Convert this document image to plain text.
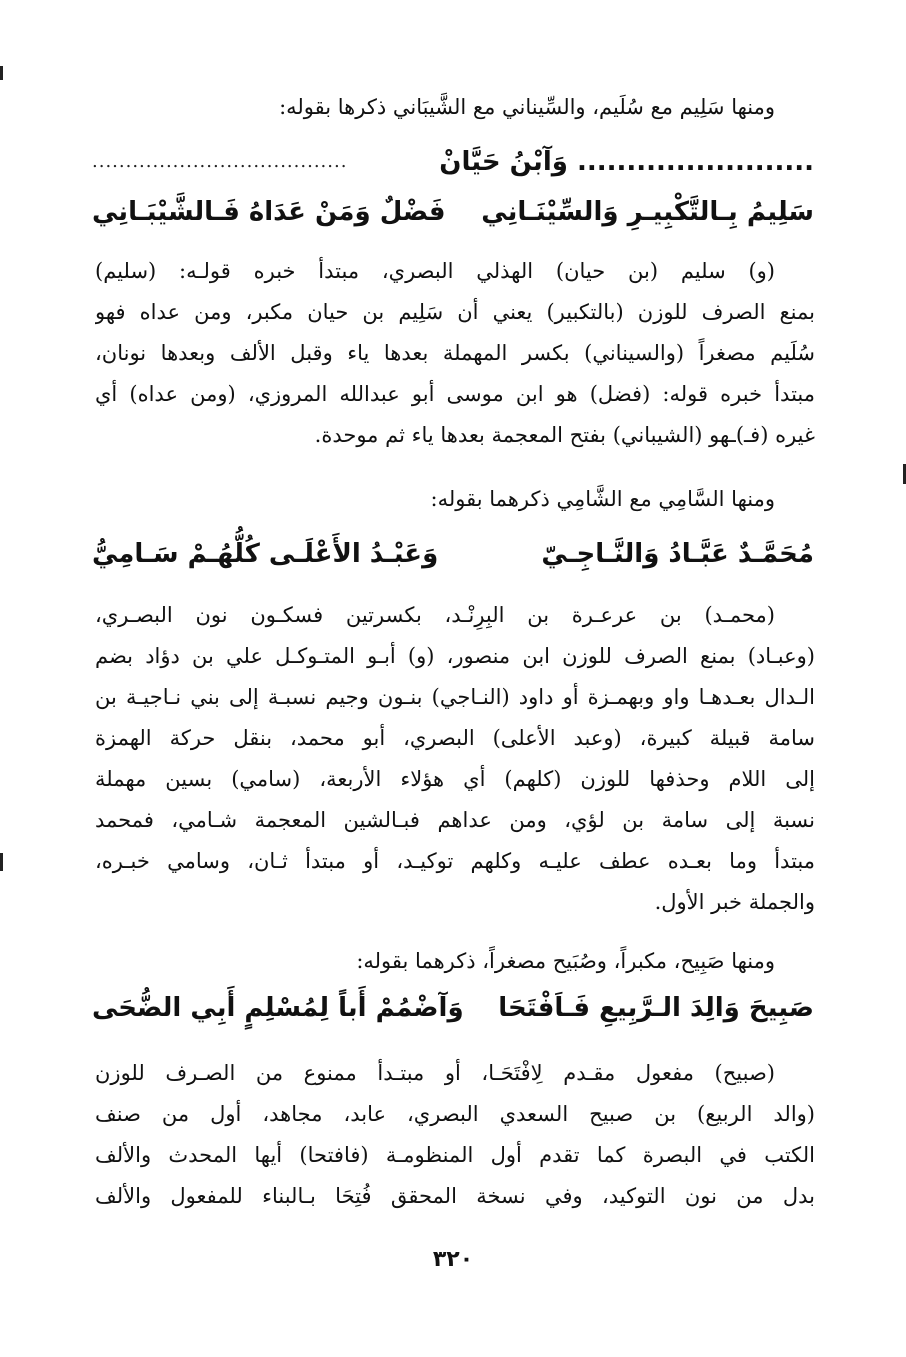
ومنها سَلِيم مع سُلَيم، والسِّيناني مع الشَّيبَاني ذكرها بقوله:
........................ وَآبْنُ حَيَّانْ
......................................
سَلِيمُ بِـالتَّكْبِيـرِ وَالسِّيْنَـانِي
فَضْلٌ وَمَنْ عَدَاهُ فَـالشَّيْبَـانِي
(و) سليم (بن حيان) الهذلي البصري، مبتدأ خبره قولـه: (سليم)
بمنع الصرف للوزن (بالتكبير) يعني أن سَلِيم بن حيان مكبر، ومن عداه فهو
سُلَيم مصغراً (والسيناني) بكسر المهملة بعدها ياء وقبل الألف وبعدها نونان،
مبتدأ خبره قوله: (فضل) هو ابن موسى أبو عبدالله المروزي، (ومن عداه) أي
غيره (فـ)ـهو (الشيباني) بفتح المعجمة بعدها ياء ثم موحدة.
ومنها السَّامِي مع الشَّامِي ذكرهما بقوله:
مُحَمَّـدٌ عَبَّـادُ وَالنَّـاجِـيّ
وَعَبْـدُ الأَعْلَـى كُلُّهُـمْ سَـامِيُّ
(محمـد) بن عرعـرة بن البِرِنْـد، بكسرتين فسكـون نون البصـري،
(وعبـاد) بمنع الصرف للوزن ابن منصور، (و) أبـو المتـوكـل علي بن دؤاد بضم
الـدال بعـدهـا واو وبهمـزة أو داود (النـاجي) بنـون وجيم نسبـة إلى بني نـاجيـة بن
سامة قبيلة كبيرة، (وعبد الأعلى) البصري، أبو محمد، بنقل حركة الهمزة
إلى اللام وحذفها للوزن (كلهم) أي هؤلاء الأربعة، (سامي) بسين مهملة
نسبة إلى سامة بن لؤي، ومن عداهم فبـالشين المعجمة شـامي، فمحمد
مبتدأ وما بعـده عطف عليـه وكلهم توكيـد، أو مبتدأ ثـان، وسامي خبـره،
والجملة خبر الأول.
ومنها صَبِيح، مكبراً، وصُبَيح مصغراً، ذكرهما بقوله:
صَبِيحَ وَالِدَ الـرَّبِيعِ فَـاَفْتَحَا
وَآضْمُمْ أَباً لِمُسْلِمٍ أَبِي الضُّحَى
(صبيح) مفعول مقـدم لِافْتَحَـا، أو مبتـدأ ممنوع من الصـرف للوزن
(والد الربيع) بن صبيح السعدي البصري، عابد، مجاهد، أول من صنف
الكتب في البصرة كما تقدم أول المنظومـة (فافتحا) أيها المحدث والألف
بدل من نون التوكيد، وفي نسخة المحقق فُتِحَا بـالبناء للمفعول والألف
٣٢٠
